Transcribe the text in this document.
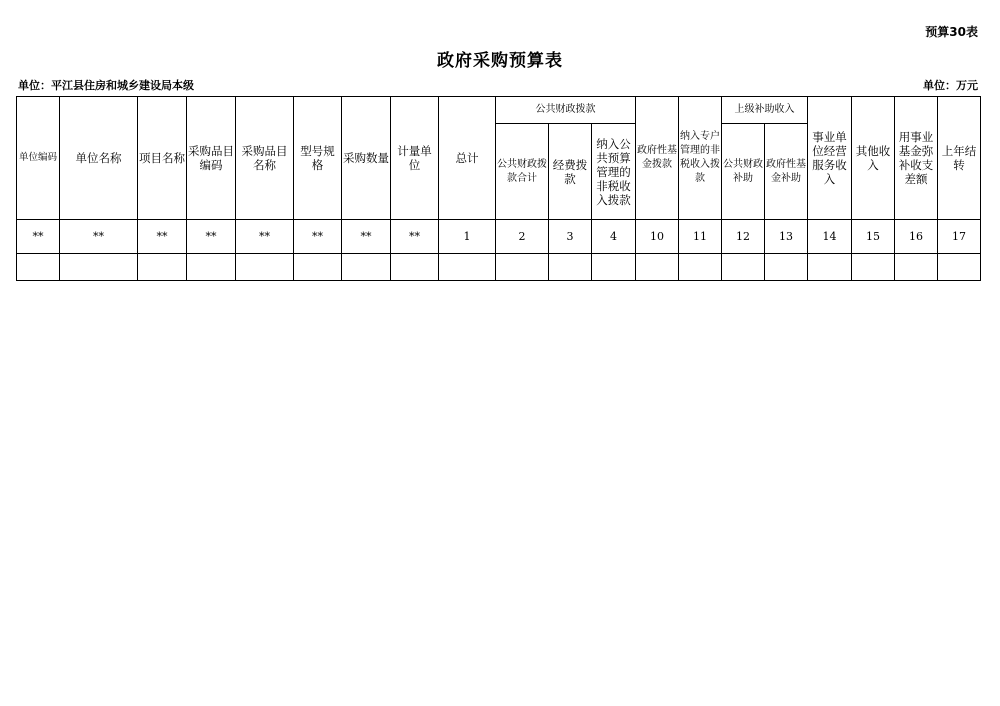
预算30表
政府采购预算表
单位：平江县住房和城乡建设局本级	单位：万元
单位编码	单位名称	项目名称	采购品目编码	采购品目名称	型号规格	采购数量	计量单位	总计	公共财政拨款			政府性基金拨款	纳入专户管理的非税收入拨款	上级补助收入		事业单位经营服务收入	其他收入	用事业基金弥补收支差额	上年结转
									公共财政拨款合计	经费拨款	纳入公共预算管理的非税收入拨款			公共财政补助	政府性基金补助				
**	**	**	**	**	**	**	**	1	2	3	4	10	11	12	13	14	15	16	17
